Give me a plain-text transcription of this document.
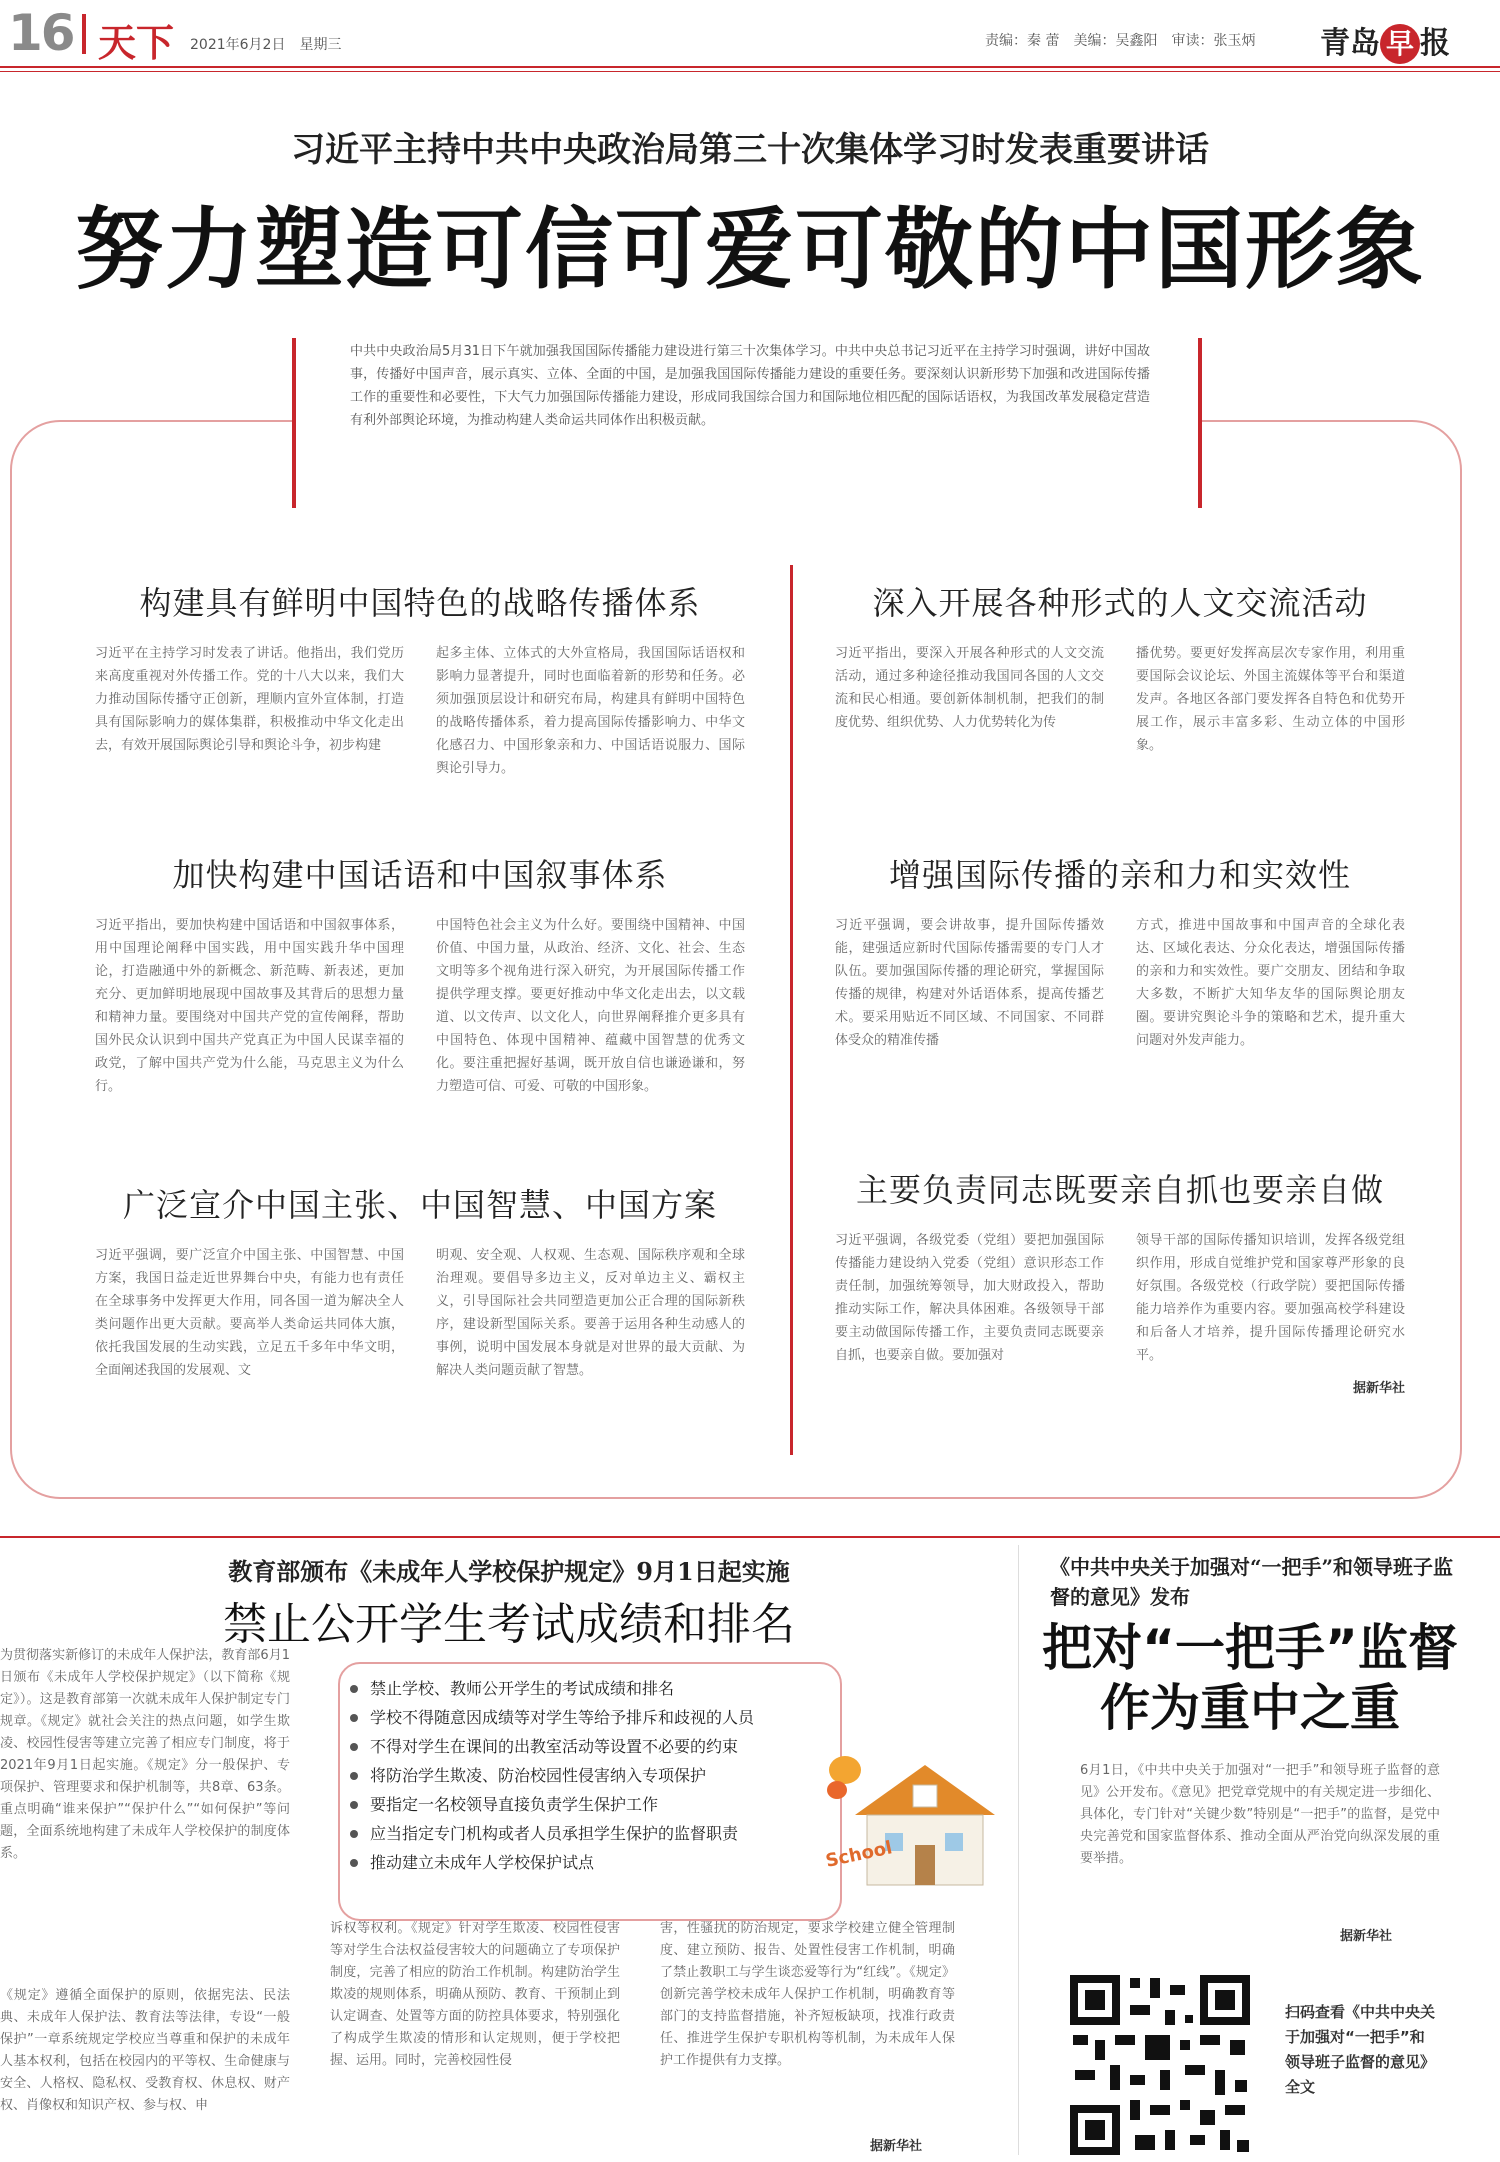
16 天下 2021年6月2日　星期三	责编：秦 蕾　美编：吴鑫阳　审读：张玉炳 青岛 早 报
习近平主持中共中央政治局第三十次集体学习时发表重要讲话
努力塑造可信可爱可敬的中国形象
中共中央政治局5月31日下午就加强我国国际传播能力建设进行第三十次集体学习。中共中央总书记习近平在主持学习时强调，讲好中国故事，传播好中国声音，展示真实、立体、全面的中国，是加强我国国际传播能力建设的重要任务。要深刻认识新形势下加强和改进国际传播工作的重要性和必要性，下大气力加强国际传播能力建设，形成同我国综合国力和国际地位相匹配的国际话语权，为我国改革发展稳定营造有利外部舆论环境，为推动构建人类命运共同体作出积极贡献。
构建具有鲜明中国特色的战略传播体系
习近平在主持学习时发表了讲话。他指出，我们党历来高度重视对外传播工作。党的十八大以来，我们大力推动国际传播守正创新，理顺内宣外宣体制，打造具有国际影响力的媒体集群，积极推动中华文化走出去，有效开展国际舆论引导和舆论斗争，初步构建
起多主体、立体式的大外宣格局，我国国际话语权和影响力显著提升，同时也面临着新的形势和任务。必须加强顶层设计和研究布局，构建具有鲜明中国特色的战略传播体系，着力提高国际传播影响力、中华文化感召力、中国形象亲和力、中国话语说服力、国际舆论引导力。
加快构建中国话语和中国叙事体系
习近平指出，要加快构建中国话语和中国叙事体系，用中国理论阐释中国实践，用中国实践升华中国理论，打造融通中外的新概念、新范畴、新表述，更加充分、更加鲜明地展现中国故事及其背后的思想力量和精神力量。要围绕对中国共产党的宣传阐释，帮助国外民众认识到中国共产党真正为中国人民谋幸福的政党，了解中国共产党为什么能，马克思主义为什么行。
中国特色社会主义为什么好。要围绕中国精神、中国价值、中国力量，从政治、经济、文化、社会、生态文明等多个视角进行深入研究，为开展国际传播工作提供学理支撑。要更好推动中华文化走出去，以文载道、以文传声、以文化人，向世界阐释推介更多具有中国特色、体现中国精神、蕴藏中国智慧的优秀文化。要注重把握好基调，既开放自信也谦逊谦和，努力塑造可信、可爱、可敬的中国形象。
广泛宣介中国主张、中国智慧、中国方案
习近平强调，要广泛宣介中国主张、中国智慧、中国方案，我国日益走近世界舞台中央，有能力也有责任在全球事务中发挥更大作用，同各国一道为解决全人类问题作出更大贡献。要高举人类命运共同体大旗，依托我国发展的生动实践，立足五千多年中华文明，全面阐述我国的发展观、文
明观、安全观、人权观、生态观、国际秩序观和全球治理观。要倡导多边主义，反对单边主义、霸权主义，引导国际社会共同塑造更加公正合理的国际新秩序，建设新型国际关系。要善于运用各种生动感人的事例，说明中国发展本身就是对世界的最大贡献、为解决人类问题贡献了智慧。
深入开展各种形式的人文交流活动
习近平指出，要深入开展各种形式的人文交流活动，通过多种途径推动我国同各国的人文交流和民心相通。要创新体制机制，把我们的制度优势、组织优势、人力优势转化为传
播优势。要更好发挥高层次专家作用，利用重要国际会议论坛、外国主流媒体等平台和渠道发声。各地区各部门要发挥各自特色和优势开展工作，展示丰富多彩、生动立体的中国形象。
增强国际传播的亲和力和实效性
习近平强调，要会讲故事，提升国际传播效能，建强适应新时代国际传播需要的专门人才队伍。要加强国际传播的理论研究，掌握国际传播的规律，构建对外话语体系，提高传播艺术。要采用贴近不同区域、不同国家、不同群体受众的精准传播
方式，推进中国故事和中国声音的全球化表达、区域化表达、分众化表达，增强国际传播的亲和力和实效性。要广交朋友、团结和争取大多数，不断扩大知华友华的国际舆论朋友圈。要讲究舆论斗争的策略和艺术，提升重大问题对外发声能力。
主要负责同志既要亲自抓也要亲自做
习近平强调，各级党委（党组）要把加强国际传播能力建设纳入党委（党组）意识形态工作责任制，加强统筹领导，加大财政投入，帮助推动实际工作，解决具体困难。各级领导干部要主动做国际传播工作，主要负责同志既要亲自抓，也要亲自做。要加强对
领导干部的国际传播知识培训，发挥各级党组织作用，形成自觉维护党和国家尊严形象的良好氛围。各级党校（行政学院）要把国际传播能力培养作为重要内容。要加强高校学科建设和后备人才培养，提升国际传播理论研究水平。
据新华社
教育部颁布《未成年人学校保护规定》9月1日起实施
禁止公开学生考试成绩和排名
为贯彻落实新修订的未成年人保护法，教育部6月1日颁布《未成年人学校保护规定》（以下简称《规定》）。这是教育部第一次就未成年人保护制定专门规章。《规定》就社会关注的热点问题，如学生欺凌、校园性侵害等建立完善了相应专门制度，将于2021年9月1日起实施。《规定》分一般保护、专项保护、管理要求和保护机制等，共8章、63条。重点明确“谁来保护”“保护什么”“如何保护”等问题，全面系统地构建了未成年人学校保护的制度体系。
《规定》遵循全面保护的原则，依据宪法、民法典、未成年人保护法、教育法等法律，专设“一般保护”一章系统规定学校应当尊重和保护的未成年人基本权利，包括在校园内的平等权、生命健康与安全、人格权、隐私权、受教育权、休息权、财产权、肖像权和知识产权、参与权、申
诉权等权利。《规定》针对学生欺凌、校园性侵害等对学生合法权益侵害较大的问题确立了专项保护制度，完善了相应的防治工作机制。构建防治学生欺凌的规则体系，明确从预防、教育、干预制止到认定调查、处置等方面的防控具体要求，特别强化了构成学生欺凌的情形和认定规则，便于学校把握、运用。同时，完善校园性侵
害，性骚扰的防治规定，要求学校建立健全管理制度、建立预防、报告、处置性侵害工作机制，明确了禁止教职工与学生谈恋爱等行为“红线”。《规定》创新完善学校未成年人保护工作机制，明确教育等部门的支持监督措施，补齐短板缺项，找准行政责任、推进学生保护专职机构等机制，为未成年人保护工作提供有力支撑。
据新华社
禁止学校、教师公开学生的考试成绩和排名
学校不得随意因成绩等对学生等给予排斥和歧视的人员
不得对学生在课间的出教室活动等设置不必要的约束
将防治学生欺凌、防治校园性侵害纳入专项保护
要指定一名校领导直接负责学生保护工作
应当指定专门机构或者人员承担学生保护的监督职责
推动建立未成年人学校保护试点	School
《中共中央关于加强对“一把手”和领导班子监督的意见》发布
把对“一把手”监督
作为重中之重
6月1日，《中共中央关于加强对“一把手”和领导班子监督的意见》公开发布。《意见》把党章党规中的有关规定进一步细化、具体化，专门针对“关键少数”特别是“一把手”的监督，是党中央完善党和国家监督体系、推动全面从严治党向纵深发展的重要举措。
据新华社
扫码查看《中共中央关于加强对“一把手”和领导班子监督的意见》全文
